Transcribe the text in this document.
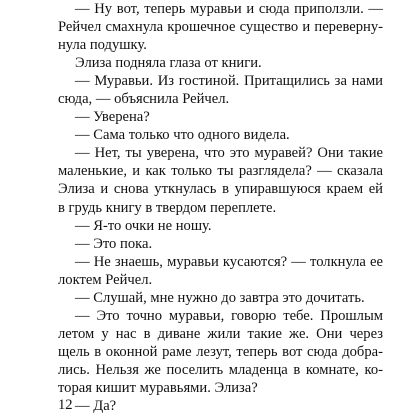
— Ну вот, теперь муравьи и сюда приползли. —
Рейчел смахнула крошечное существо и переверну-
нула подушку.
Элиза подняла глаза от книги.
— Муравьи. Из гостиной. Притащились за нами
сюда, — объяснила Рейчел.
— Уверена?
— Сама только что одного видела.
— Нет, ты уверена, что это муравей? Они такие
маленькие, и как только ты разглядела? — сказала
Элиза и снова уткнулась в упиравшуюся краем ей
в грудь книгу в твердом переплете.
— Я-то очки не ношу.
— Это пока.
— Не знаешь, муравьи кусаются? — толкнула ее
локтем Рейчел.
— Слушай, мне нужно до завтра это дочитать.
— Это точно муравьи, говорю тебе. Прошлым
летом у нас в диване жили такие же. Они через
щель в оконной раме лезут, теперь вот сюда добра-
лись. Нельзя же поселить младенца в комнате, ко-
торая кишит муравьями. Элиза?
— Да?
12
